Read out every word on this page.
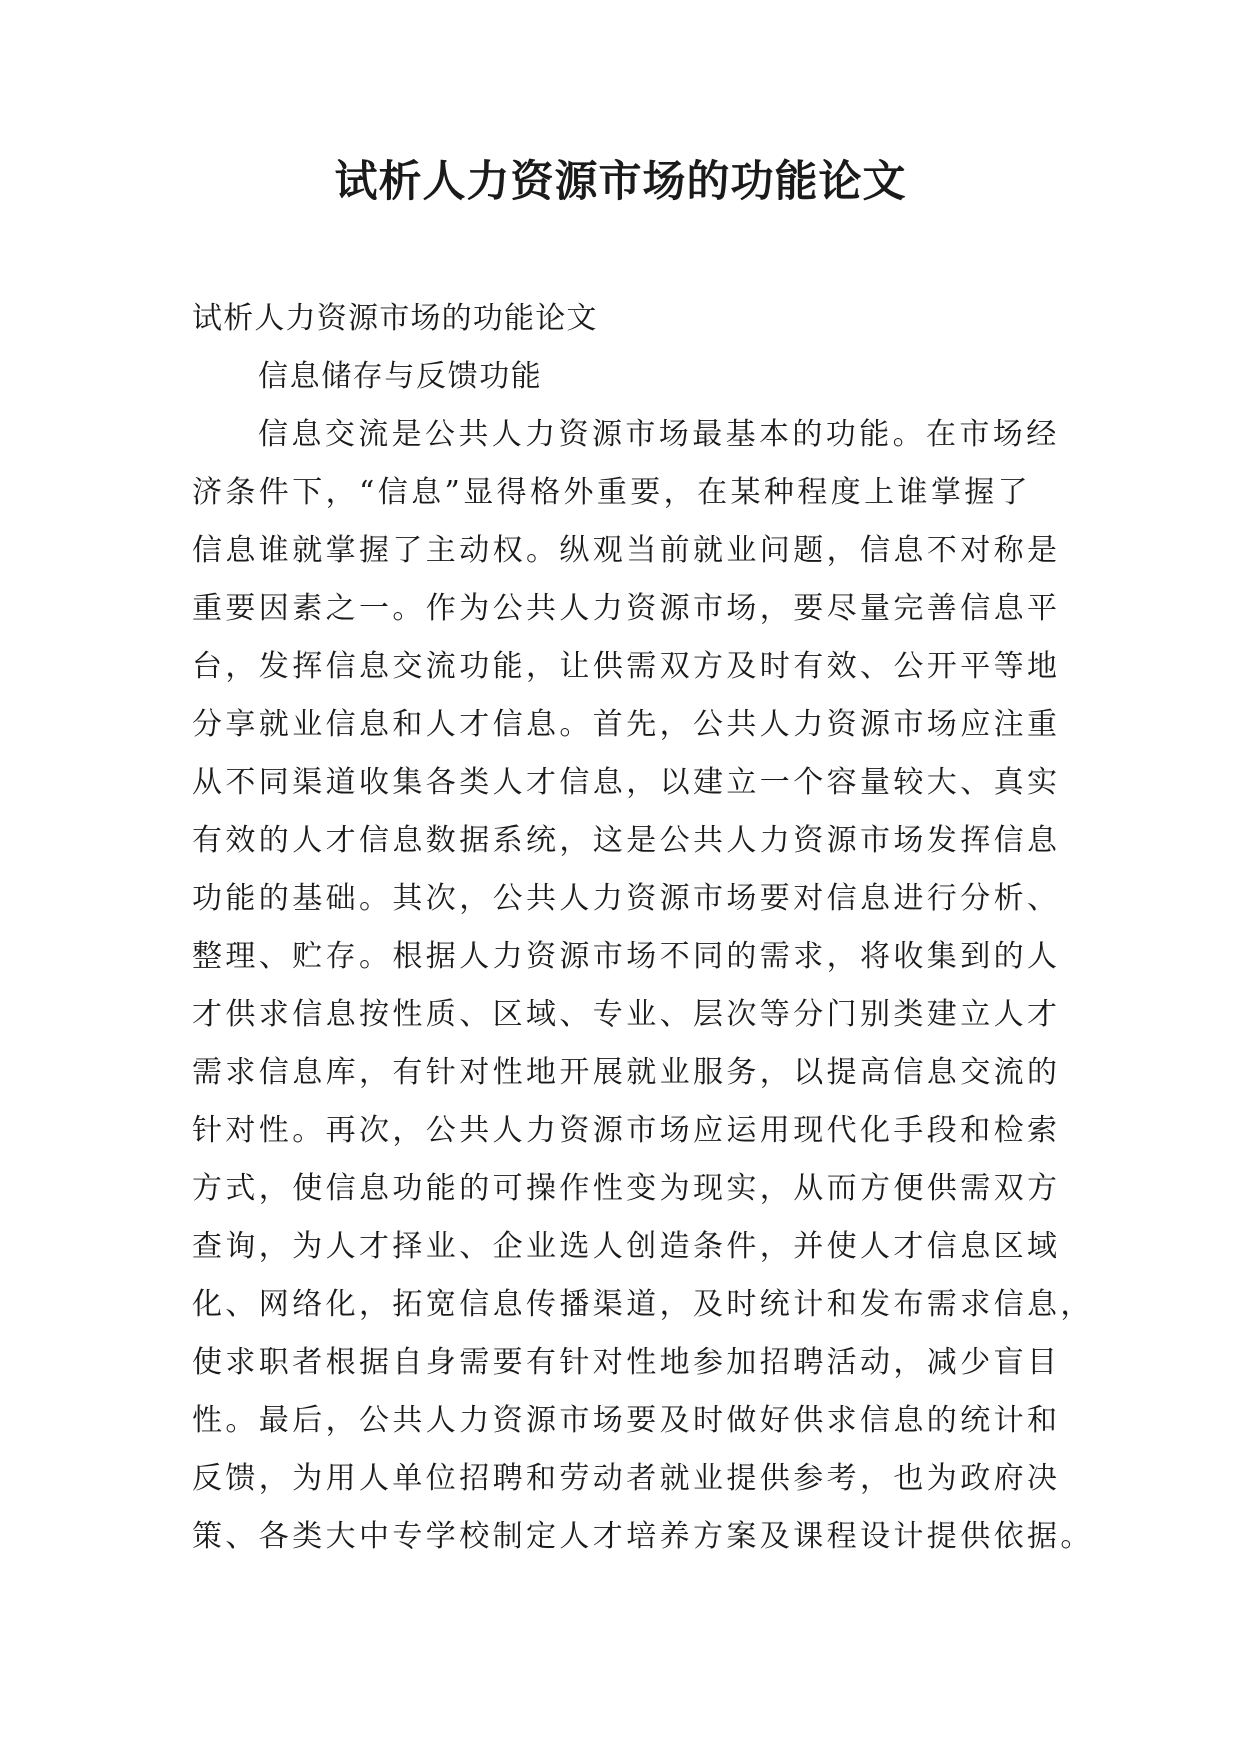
试析人力资源市场的功能论文
试析人力资源市场的功能论文
信息储存与反馈功能
信息交流是公共人力资源市场最基本的功能。在市场经
济条件下，“信息”显得格外重要，在某种程度上谁掌握了
信息谁就掌握了主动权。纵观当前就业问题，信息不对称是
重要因素之一。作为公共人力资源市场，要尽量完善信息平
台，发挥信息交流功能，让供需双方及时有效、公开平等地
分享就业信息和人才信息。首先，公共人力资源市场应注重
从不同渠道收集各类人才信息，以建立一个容量较大、真实
有效的人才信息数据系统，这是公共人力资源市场发挥信息
功能的基础。其次，公共人力资源市场要对信息进行分析、
整理、贮存。根据人力资源市场不同的需求，将收集到的人
才供求信息按性质、区域、专业、层次等分门别类建立人才
需求信息库，有针对性地开展就业服务，以提高信息交流的
针对性。再次，公共人力资源市场应运用现代化手段和检索
方式，使信息功能的可操作性变为现实，从而方便供需双方
查询，为人才择业、企业选人创造条件，并使人才信息区域
化、网络化，拓宽信息传播渠道，及时统计和发布需求信息，
使求职者根据自身需要有针对性地参加招聘活动，减少盲目
性。最后，公共人力资源市场要及时做好供求信息的统计和
反馈，为用人单位招聘和劳动者就业提供参考，也为政府决
策、各类大中专学校制定人才培养方案及课程设计提供依据。
